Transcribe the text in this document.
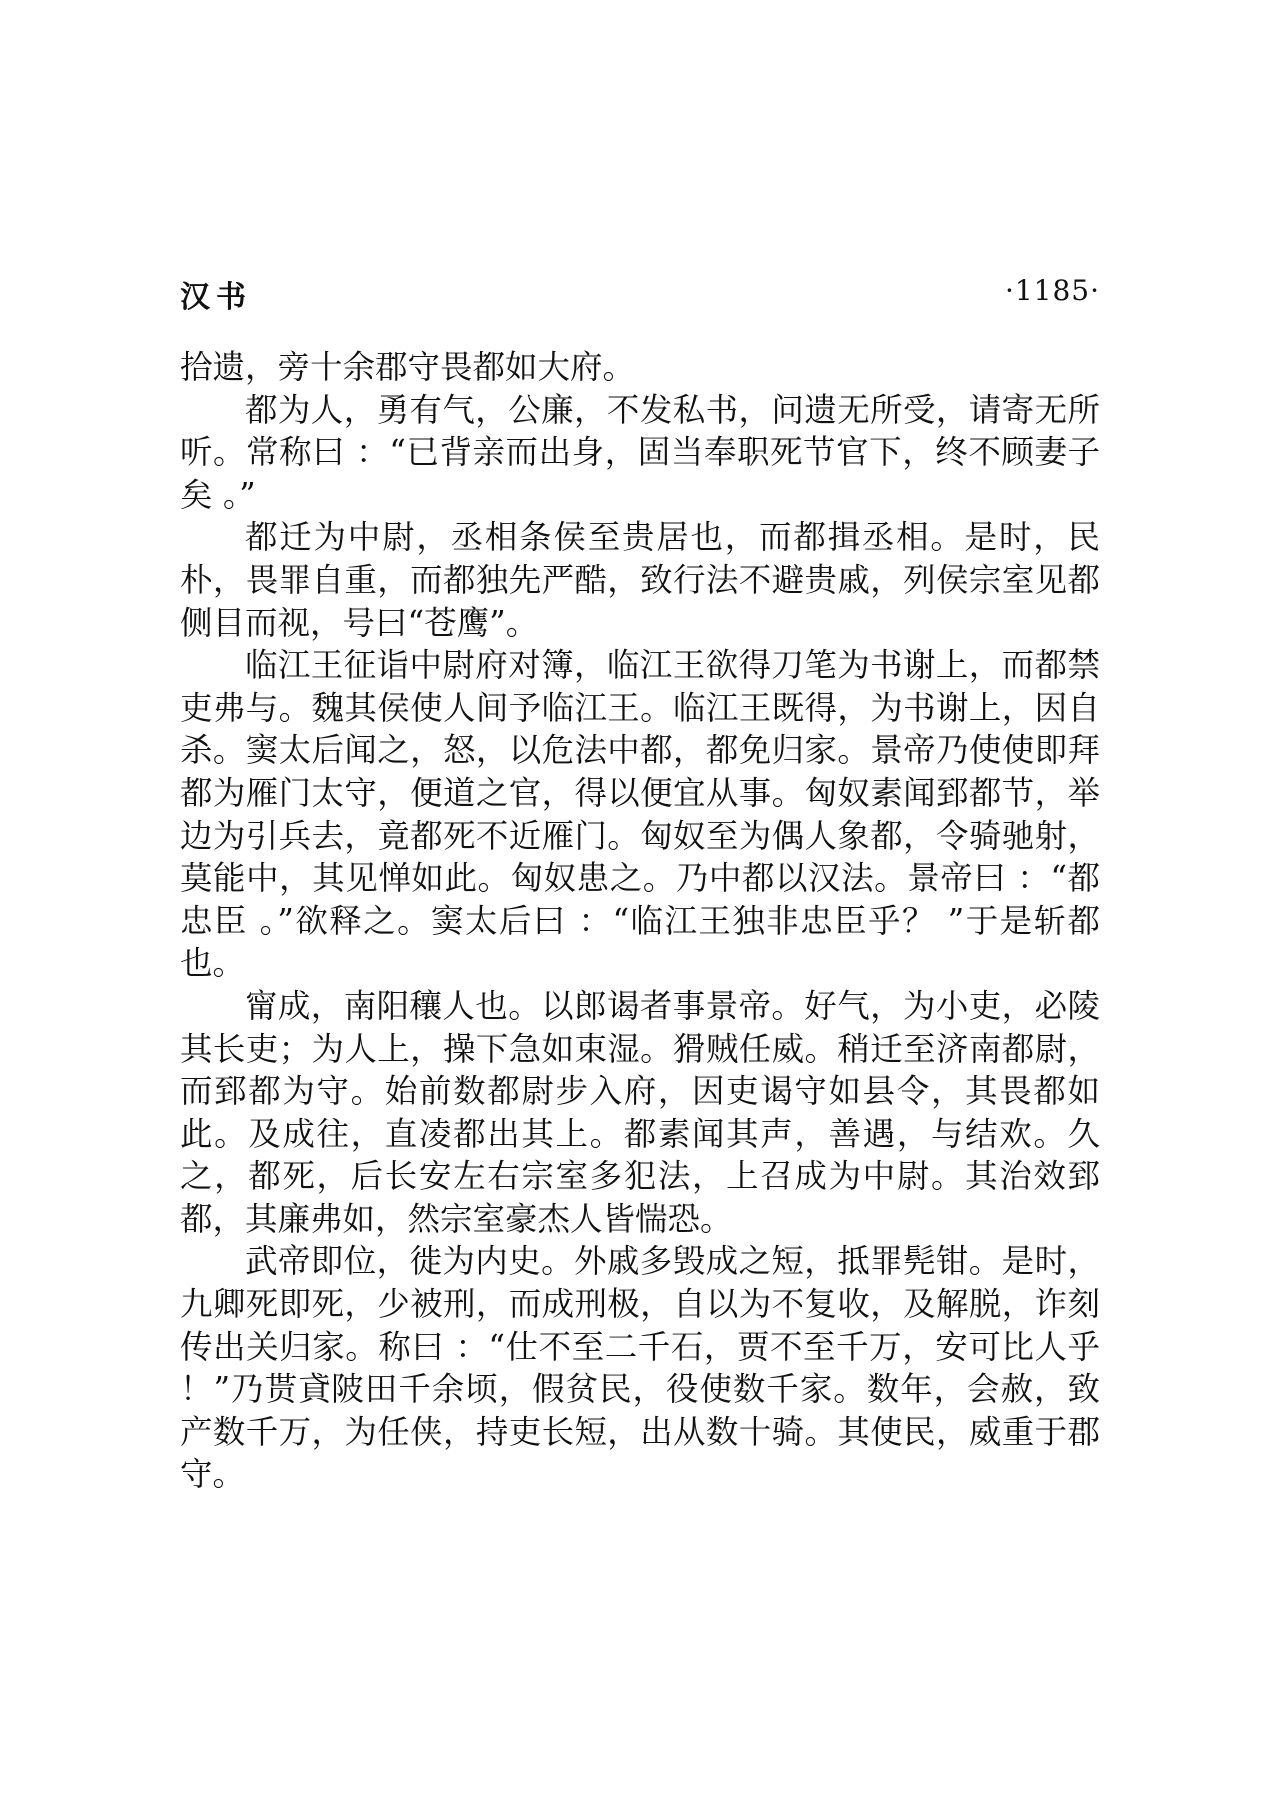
汉书	·1185·

拾遗，旁十余郡守畏都如大府。

都为人，勇有气，公廉，不发私书，问遗无所受，请寄无所听。常称曰 ：“已背亲而出身，固当奉职死节官下，终不顾妻子矣 。”

都迁为中尉，丞相条侯至贵居也，而都揖丞相。是时，民朴，畏罪自重，而都独先严酷，致行法不避贵戚，列侯宗室见都侧目而视，号曰“苍鹰”。

临江王征诣中尉府对簿，临江王欲得刀笔为书谢上，而都禁吏弗与。魏其侯使人间予临江王。临江王既得，为书谢上，因自杀。窦太后闻之，怒，以危法中都，都免归家。景帝乃使使即拜都为雁门太守，便道之官，得以便宜从事。匈奴素闻郅都节，举边为引兵去，竟都死不近雁门。匈奴至为偶人象都，令骑驰射，莫能中，其见惮如此。匈奴患之。乃中都以汉法。景帝曰 ：“都忠臣 。”欲释之。窦太后曰 ：“临江王独非忠臣乎？ ”于是斩都也。

甯成，南阳穰人也。以郎谒者事景帝。好气，为小吏，必陵其长吏；为人上，操下急如束湿。猾贼任威。稍迁至济南都尉，而郅都为守。始前数都尉步入府，因吏谒守如县令，其畏都如此。及成往，直凌都出其上。都素闻其声，善遇，与结欢。久之，都死，后长安左右宗室多犯法，上召成为中尉。其治效郅都，其廉弗如，然宗室豪杰人皆惴恐。

武帝即位，徙为内史。外戚多毁成之短，抵罪髡钳。是时，九卿死即死，少被刑，而成刑极，自以为不复收，及解脱，诈刻传出关归家。称曰 ：“仕不至二千石，贾不至千万，安可比人乎 ！”乃贳貣陂田千余顷，假贫民，役使数千家。数年，会赦，致产数千万，为任侠，持吏长短，出从数十骑。其使民，威重于郡守。
